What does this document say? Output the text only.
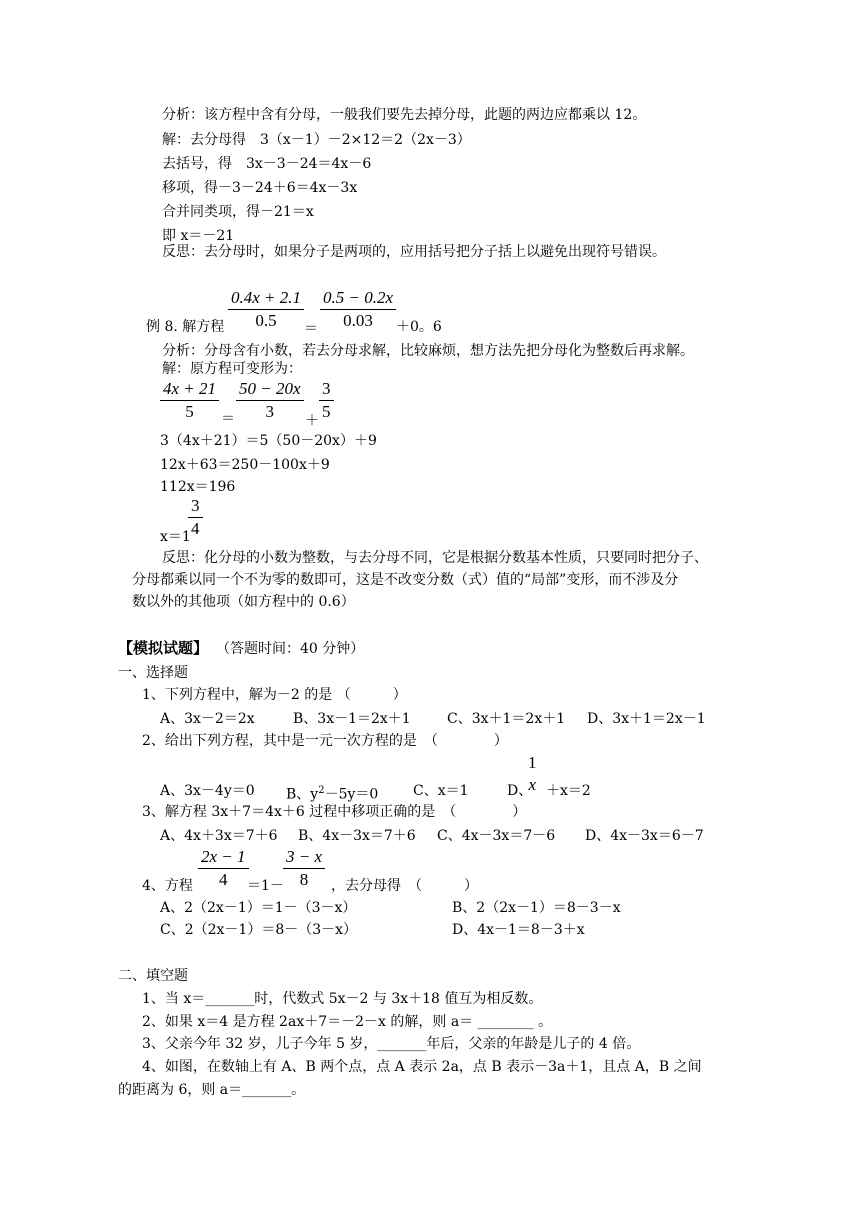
分析：该方程中含有分母，一般我们要先去掉分母，此题的两边应都乘以 12。
解：去分母得　3（x－1）－2×12＝2（2x－3）
去括号，得　3x－3－24＝4x－6
移项，得－3－24＋6＝4x－3x
合并同类项，得－21＝x
即 x＝－21
反思：去分母时，如果分子是两项的，应用括号把分子括上以避免出现符号错误。
例 8. 解方程 $\frac{0.4x + 2.1}{0.5} = \frac{0.5 - 0.2x}{0.03} +0$。6
分析：分母含有小数，若去分母求解，比较麻烦，想方法先把分母化为整数后再求解。
解：原方程可变形为：
$\frac{4x + 21}{5} = \frac{50 - 20x}{3} + \frac{3}{5}$
3（4x＋21）＝5（50－20x）＋9
12x＋63＝250－100x＋9
112x＝196
x＝1
$\frac{3}{4}$
反思：化分母的小数为整数，与去分母不同，它是根据分数基本性质，只要同时把分子、
分母都乘以同一个不为零的数即可，这是不改变分数（式）值的“局部”变形，而不涉及分
数以外的其他项（如方程中的 0.6）
【模拟试题】 （答题时间：40 分钟）
一、选择题
1、下列方程中，解为－2 的是 （　　　）
A、3x－2＝2x	B、3x－1＝2x＋1	C、3x＋1＝2x＋1 D、3x＋1＝2x－1
2、给出下列方程，其中是一元一次方程的是　（　　　　）
A、3x－4y＝0 B、$y^2-5y=0$ C、x＝1	D、
1
x ＋x＝2
3、解方程 3x＋7＝4x＋6 过程中移项正确的是　（　　　　）
A、4x＋3x＝7＋6 B、4x－3x＝7＋6 C、4x－3x＝7－6 D、4x－3x＝6－7
4、方程 $\frac{2x - 1}{4}$
$=1- \frac{3 - x}{8}$ ，去分母得　（　　　）
A、2（2x－1）＝1－（3－x）	B、2（2x－1）＝8－3－x
C、2（2x－1）＝8－（3－x）	D、4x－1＝8－3＋x
二、填空题
1、当 x＝_______时，代数式 5x－2 与 3x＋18 值互为相反数。
2、如果 x＝4 是方程 2ax＋7＝－2－x 的解，则 a＝ ________ 。
3、父亲今年 32 岁，儿子今年 5 岁，_______年后，父亲的年龄是儿子的 4 倍。
4、如图，在数轴上有 A、B 两个点，点 A 表示 2a，点 B 表示－3a＋1，且点 A，B 之间
的距离为 6，则 a＝_______。
